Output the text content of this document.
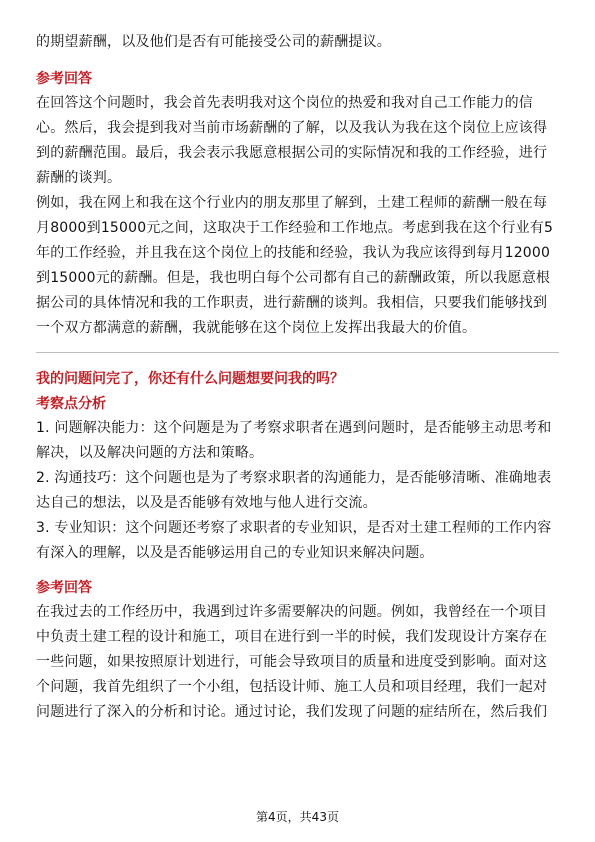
的期望薪酬，以及他们是否有可能接受公司的薪酬提议。

参考回答

在回答这个问题时，我会首先表明我对这个岗位的热爱和我对自己工作能力的信心。然后，我会提到我对当前市场薪酬的了解，以及我认为我在这个岗位上应该得到的薪酬范围。最后，我会表示我愿意根据公司的实际情况和我的工作经验，进行薪酬的谈判。

例如，我在网上和我在这个行业内的朋友那里了解到，土建工程师的薪酬一般在每月8000到15000元之间，这取决于工作经验和工作地点。考虑到我在这个行业有5年的工作经验，并且我在这个岗位上的技能和经验，我认为我应该得到每月12000到15000元的薪酬。但是，我也明白每个公司都有自己的薪酬政策，所以我愿意根据公司的具体情况和我的工作职责，进行薪酬的谈判。我相信，只要我们能够找到一个双方都满意的薪酬，我就能够在这个岗位上发挥出我最大的价值。

我的问题问完了，你还有什么问题想要问我的吗？
考察点分析

1. 问题解决能力：这个问题是为了考察求职者在遇到问题时，是否能够主动思考和解决，以及解决问题的方法和策略。

2. 沟通技巧：这个问题也是为了考察求职者的沟通能力，是否能够清晰、准确地表达自己的想法，以及是否能够有效地与他人进行交流。

3. 专业知识：这个问题还考察了求职者的专业知识，是否对土建工程师的工作内容有深入的理解，以及是否能够运用自己的专业知识来解决问题。

参考回答

在我过去的工作经历中，我遇到过许多需要解决的问题。例如，我曾经在一个项目中负责土建工程的设计和施工，项目在进行到一半的时候，我们发现设计方案存在一些问题，如果按照原计划进行，可能会导致项目的质量和进度受到影响。面对这个问题，我首先组织了一个小组，包括设计师、施工人员和项目经理，我们一起对问题进行了深入的分析和讨论。通过讨论，我们发现了问题的症结所在，然后我们

第4页，共43页
